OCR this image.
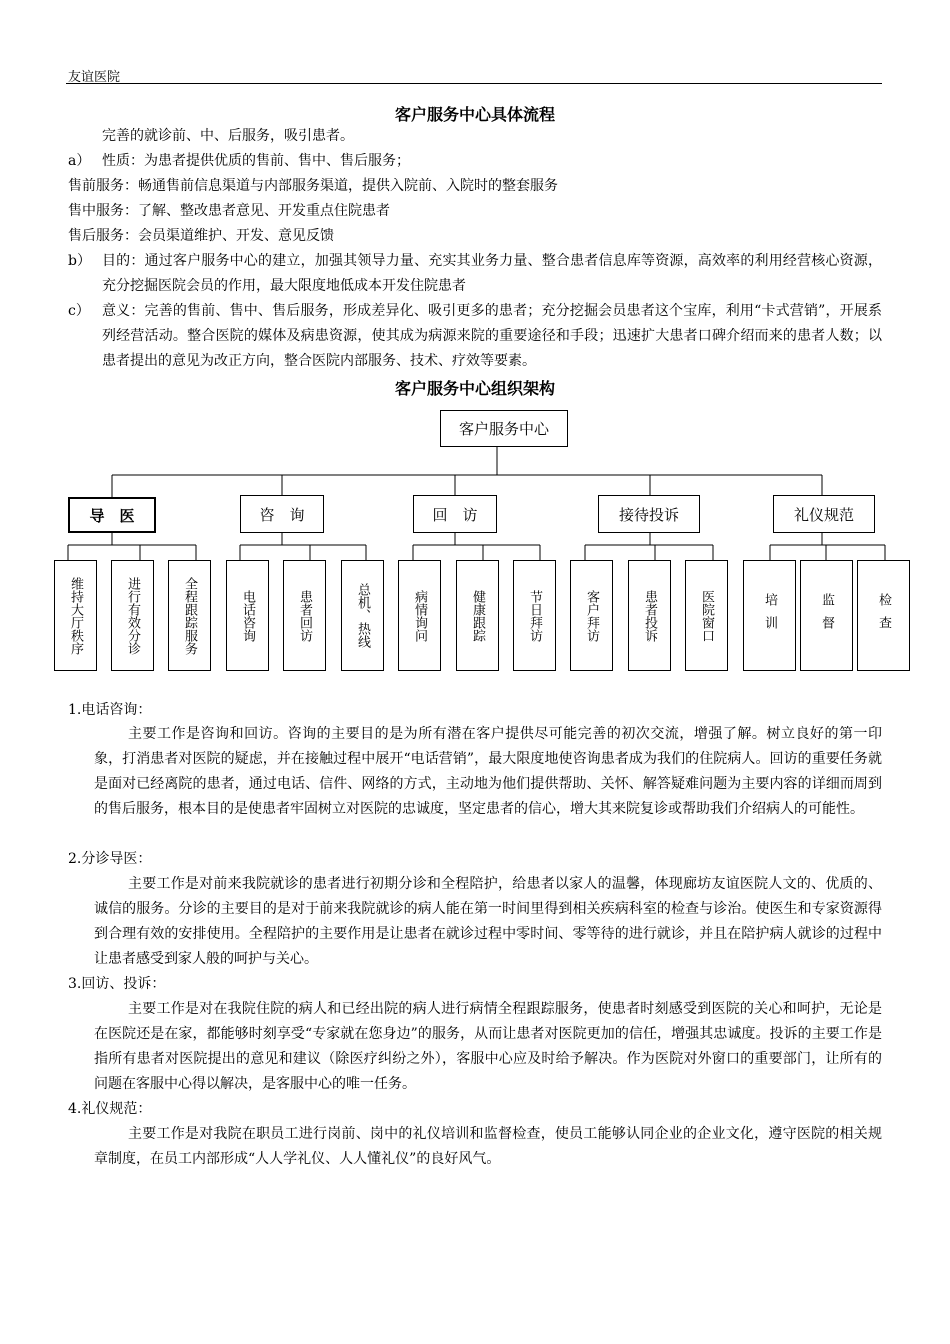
友谊医院
客户服务中心具体流程
完善的就诊前、中、后服务，吸引患者。
a） 性质：为患者提供优质的售前、售中、售后服务；
售前服务：畅通售前信息渠道与内部服务渠道，提供入院前、入院时的整套服务
售中服务：了解、整改患者意见、开发重点住院患者
售后服务：会员渠道维护、开发、意见反馈
b） 目的：通过客户服务中心的建立，加强其领导力量、充实其业务力量、整合患者信息库等资源，高效率的利用经营核心资源，充分挖掘医院会员的作用，最大限度地低成本开发住院患者
c） 意义：完善的售前、售中、售后服务，形成差异化、吸引更多的患者；充分挖掘会员患者这个宝库，利用“卡式营销”，开展系列经营活动。整合医院的媒体及病患资源，使其成为病源来院的重要途径和手段；迅速扩大患者口碑介绍而来的患者人数；以患者提出的意见为改正方向，整合医院内部服务、技术、疗效等要素。
客户服务中心组织架构
客户服务中心
导　医	咨　询	回　访	接待投诉	礼仪规范
维持大厅秩序	进行有效分诊	全程跟踪服务	电话咨询	患者回访	总机、热线	病情询问	健康跟踪	节日拜访	客户拜访	患者投诉	医院窗口	培训	监督	检查
1.电话咨询：
主要工作是咨询和回访。咨询的主要目的是为所有潜在客户提供尽可能完善的初次交流，增强了解。树立良好的第一印象，打消患者对医院的疑虑，并在接触过程中展开“电话营销”，最大限度地使咨询患者成为我们的住院病人。回访的重要任务就是面对已经离院的患者，通过电话、信件、网络的方式，主动地为他们提供帮助、关怀、解答疑难问题为主要内容的详细而周到的售后服务，根本目的是使患者牢固树立对医院的忠诚度，坚定患者的信心，增大其来院复诊或帮助我们介绍病人的可能性。
2.分诊导医：
主要工作是对前来我院就诊的患者进行初期分诊和全程陪护，给患者以家人的温馨，体现廊坊友谊医院人文的、优质的、诚信的服务。分诊的主要目的是对于前来我院就诊的病人能在第一时间里得到相关疾病科室的检查与诊治。使医生和专家资源得到合理有效的安排使用。全程陪护的主要作用是让患者在就诊过程中零时间、零等待的进行就诊，并且在陪护病人就诊的过程中让患者感受到家人般的呵护与关心。
3.回访、投诉：
主要工作是对在我院住院的病人和已经出院的病人进行病情全程跟踪服务，使患者时刻感受到医院的关心和呵护，无论是在医院还是在家，都能够时刻享受“专家就在您身边”的服务，从而让患者对医院更加的信任，增强其忠诚度。投诉的主要工作是指所有患者对医院提出的意见和建议（除医疗纠纷之外），客服中心应及时给予解决。作为医院对外窗口的重要部门，让所有的问题在客服中心得以解决，是客服中心的唯一任务。
4.礼仪规范：
主要工作是对我院在职员工进行岗前、岗中的礼仪培训和监督检查，使员工能够认同企业的企业文化，遵守医院的相关规章制度，在员工内部形成“人人学礼仪、人人懂礼仪”的良好风气。
